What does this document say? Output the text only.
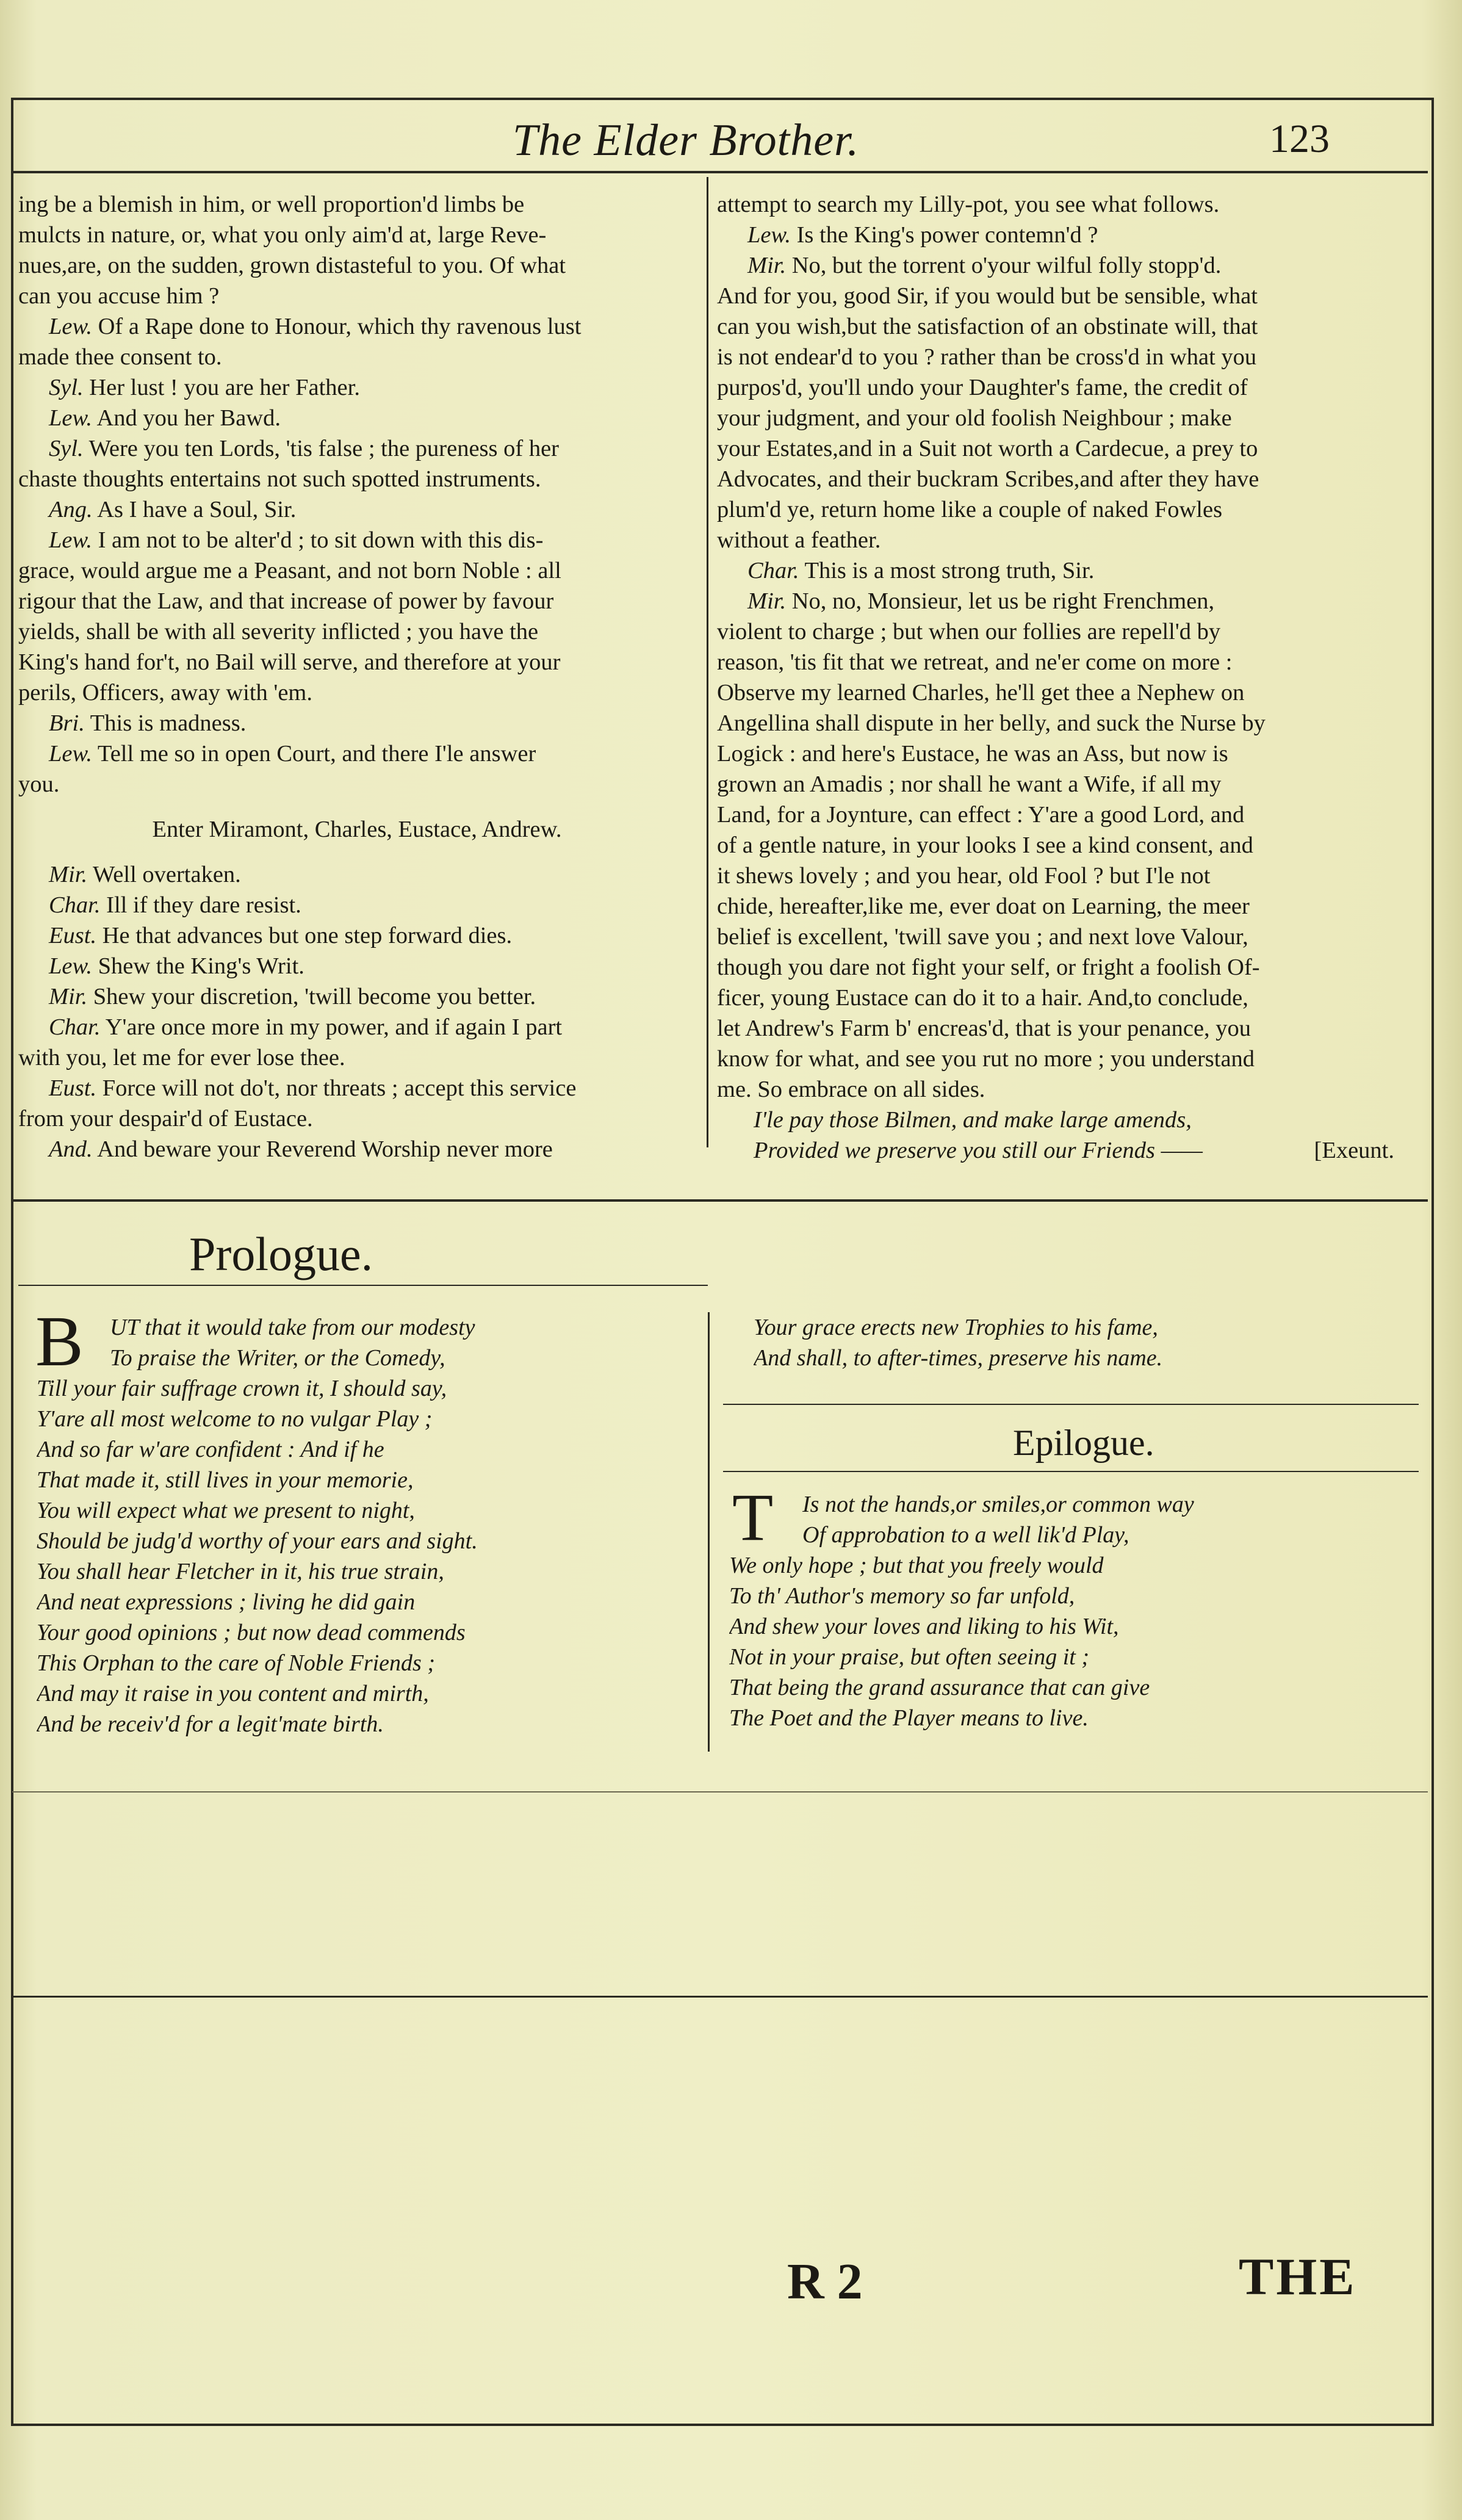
The Elder Brother.	123
ing be a blemish in him, or well proportion'd limbs be
mulcts in nature, or, what you only aim'd at, large Reve-
nues,are, on the sudden, grown distasteful to you. Of what
can you accuse him ?
Lew. Of a Rape done to Honour, which thy ravenous lust
made thee consent to.
Syl. Her lust ! you are her Father.
Lew. And you her Bawd.
Syl. Were you ten Lords, 'tis false ; the pureness of her
chaste thoughts entertains not such spotted instruments.
Ang. As I have a Soul, Sir.
Lew. I am not to be alter'd ; to sit down with this dis-
grace, would argue me a Peasant, and not born Noble : all
rigour that the Law, and that increase of power by favour
yields, shall be with all severity inflicted ; you have the
King's hand for't, no Bail will serve, and therefore at your
perils, Officers, away with 'em.
Bri. This is madness.
Lew. Tell me so in open Court, and there I'le answer
you.
Enter Miramont, Charles, Eustace, Andrew.
Mir. Well overtaken.
Char. Ill if they dare resist.
Eust. He that advances but one step forward dies.
Lew. Shew the King's Writ.
Mir. Shew your discretion, 'twill become you better.
Char. Y'are once more in my power, and if again I part
with you, let me for ever lose thee.
Eust. Force will not do't, nor threats ; accept this service
from your despair'd of Eustace.
And. And beware your Reverend Worship never more
attempt to search my Lilly-pot, you see what follows.
Lew. Is the King's power contemn'd ?
Mir. No, but the torrent o'your wilful folly stopp'd.
And for you, good Sir, if you would but be sensible, what
can you wish,but the satisfaction of an obstinate will, that
is not endear'd to you ? rather than be cross'd in what you
purpos'd, you'll undo your Daughter's fame, the credit of
your judgment, and your old foolish Neighbour ; make
your Estates,and in a Suit not worth a Cardecue, a prey to
Advocates, and their buckram Scribes,and after they have
plum'd ye, return home like a couple of naked Fowles
without a feather.
Char. This is a most strong truth, Sir.
Mir. No, no, Monsieur, let us be right Frenchmen,
violent to charge ; but when our follies are repell'd by
reason, 'tis fit that we retreat, and ne'er come on more :
Observe my learned Charles, he'll get thee a Nephew on
Angellina shall dispute in her belly, and suck the Nurse by
Logick : and here's Eustace, he was an Ass, but now is
grown an Amadis ; nor shall he want a Wife, if all my
Land, for a Joynture, can effect : Y'are a good Lord, and
of a gentle nature, in your looks I see a kind consent, and
it shews lovely ; and you hear, old Fool ? but I'le not
chide, hereafter,like me, ever doat on Learning, the meer
belief is excellent, 'twill save you ; and next love Valour,
though you dare not fight your self, or fright a foolish Of-
ficer, young Eustace can do it to a hair. And,to conclude,
let Andrew's Farm b' encreas'd, that is your penance, you
know for what, and see you rut no more ; you understand
me. So embrace on all sides.
I'le pay those Bilmen, and make large amends,
Provided we preserve you still our Friends ——	[Exeunt.
Prologue.
B	UT that it would take from our modesty
To praise the Writer, or the Comedy,
Till your fair suffrage crown it, I should say,
Y'are all most welcome to no vulgar Play ;
And so far w'are confident : And if he
That made it, still lives in your memorie,
You will expect what we present to night,
Should be judg'd worthy of your ears and sight.
You shall hear Fletcher in it, his true strain,
And neat expressions ; living he did gain
Your good opinions ; but now dead commends
This Orphan to the care of Noble Friends ;
And may it raise in you content and mirth,
And be receiv'd for a legit'mate birth.
Your grace erects new Trophies to his fame,
And shall, to after-times, preserve his name.
Epilogue.
T	Is not the hands,or smiles,or common way
Of approbation to a well lik'd Play,
We only hope ; but that you freely would
To th' Author's memory so far unfold,
And shew your loves and liking to his Wit,
Not in your praise, but often seeing it ;
That being the grand assurance that can give
The Poet and the Player means to live.
R 2	THE
